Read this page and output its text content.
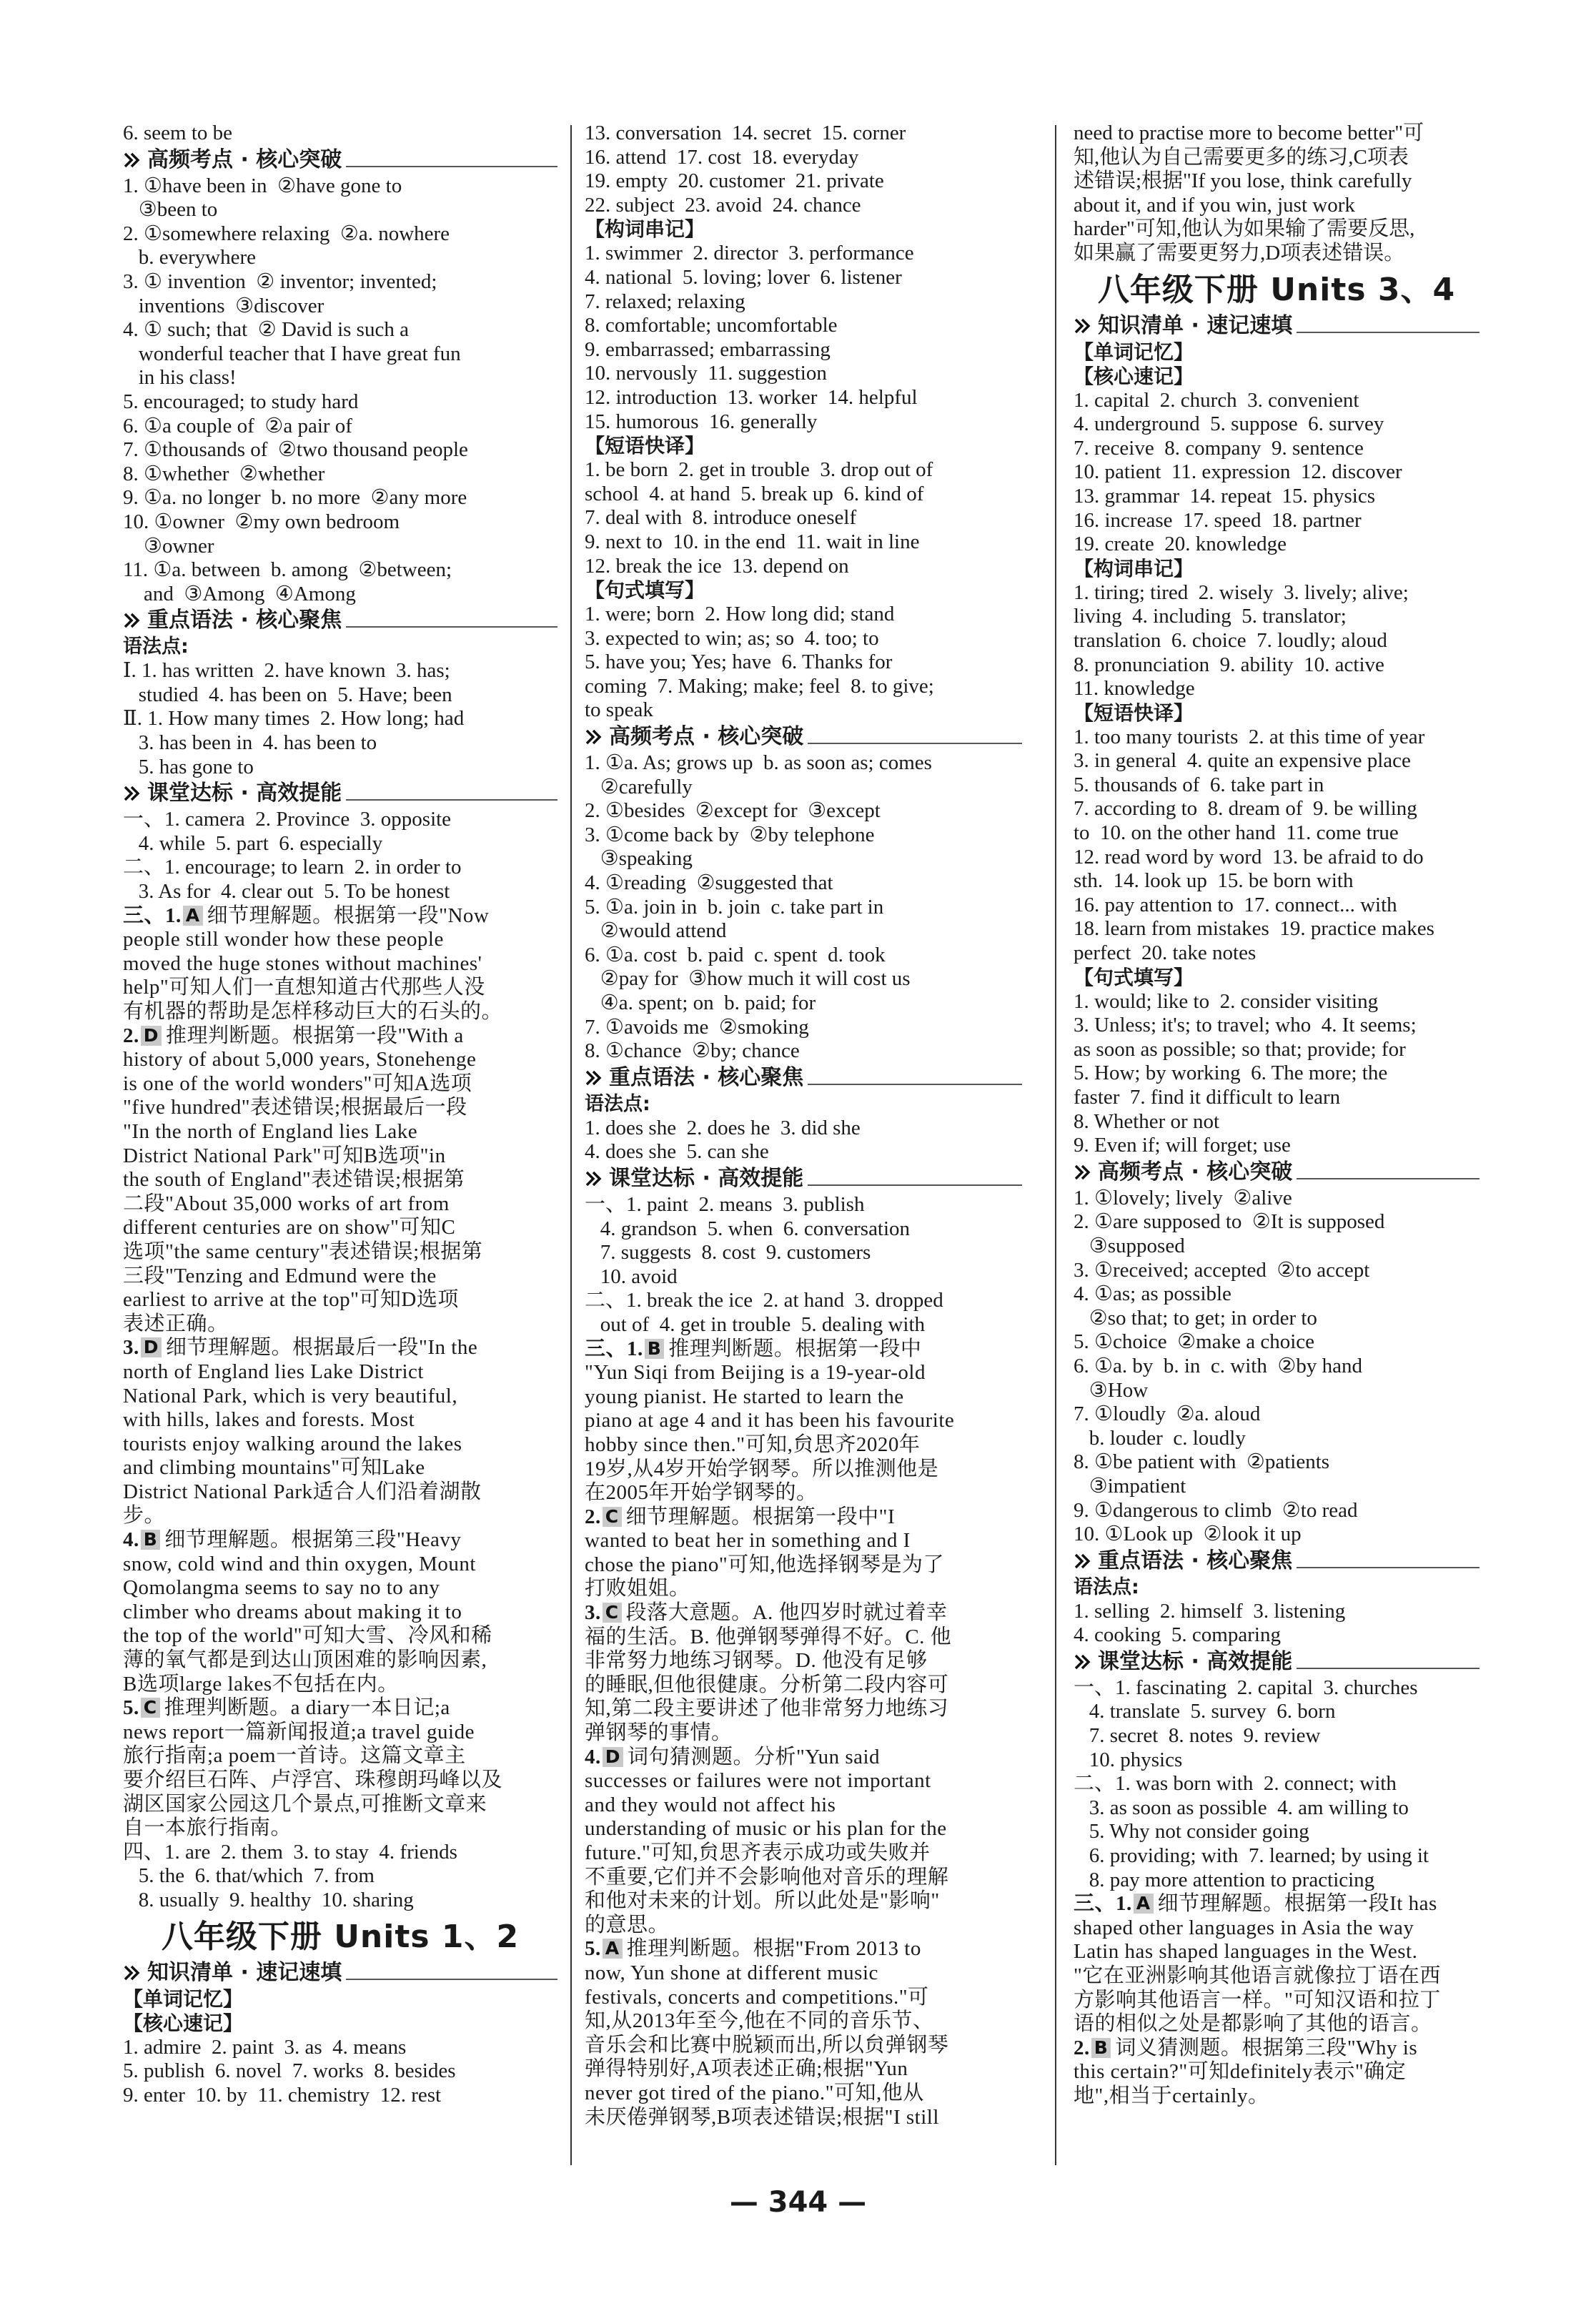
6. seem to be
高频考点 · 核心突破
1. ①have been in  ②have gone to
③been to
2. ①somewhere relaxing  ②a. nowhere
b. everywhere
3. ① invention  ② inventor; invented;
inventions  ③discover
4. ① such; that  ② David is such a
wonderful teacher that I have great fun
in his class!
5. encouraged; to study hard
6. ①a couple of  ②a pair of
7. ①thousands of  ②two thousand people
8. ①whether  ②whether
9. ①a. no longer  b. no more  ②any more
10. ①owner  ②my own bedroom
③owner
11. ①a. between  b. among  ②between;
and  ③Among  ④Among
重点语法 · 核心聚焦
语法点:
Ⅰ. 1. has written  2. have known  3. has;
studied  4. has been on  5. Have; been
Ⅱ. 1. How many times  2. How long; had
3. has been in  4. has been to
5. has gone to
课堂达标 · 高效提能
一、1. camera  2. Province  3. opposite
4. while  5. part  6. especially
二、1. encourage; to learn  2. in order to
3. As for  4. clear out  5. To be honest
三、1. A 细节理解题。根据第一段"Now
people still wonder how these people
moved the huge stones without machines'
help"可知人们一直想知道古代那些人没
有机器的帮助是怎样移动巨大的石头的。
2. D 推理判断题。根据第一段"With a
history of about 5,000 years, Stonehenge
is one of the world wonders"可知A选项
"five hundred"表述错误;根据最后一段
"In the north of England lies Lake
District National Park"可知B选项"in
the south of England"表述错误;根据第
二段"About 35,000 works of art from
different centuries are on show"可知C
选项"the same century"表述错误;根据第
三段"Tenzing and Edmund were the
earliest to arrive at the top"可知D选项
表述正确。
3. D 细节理解题。根据最后一段"In the
north of England lies Lake District
National Park, which is very beautiful,
with hills, lakes and forests. Most
tourists enjoy walking around the lakes
and climbing mountains"可知Lake
District National Park适合人们沿着湖散
步。
4. B 细节理解题。根据第三段"Heavy
snow, cold wind and thin oxygen, Mount
Qomolangma seems to say no to any
climber who dreams about making it to
the top of the world"可知大雪、冷风和稀
薄的氧气都是到达山顶困难的影响因素,
B选项large lakes不包括在内。
5. C 推理判断题。a diary一本日记;a
news report一篇新闻报道;a travel guide
旅行指南;a poem一首诗。这篇文章主
要介绍巨石阵、卢浮宫、珠穆朗玛峰以及
湖区国家公园这几个景点,可推断文章来
自一本旅行指南。
四、1. are  2. them  3. to stay  4. friends
5. the  6. that/which  7. from
8. usually  9. healthy  10. sharing
八年级下册 Units 1、2
知识清单 · 速记速填
【单词记忆】
【核心速记】
1. admire  2. paint  3. as  4. means
5. publish  6. novel  7. works  8. besides
9. enter  10. by  11. chemistry  12. rest
13. conversation  14. secret  15. corner
16. attend  17. cost  18. everyday
19. empty  20. customer  21. private
22. subject  23. avoid  24. chance
【构词串记】
1. swimmer  2. director  3. performance
4. national  5. loving; lover  6. listener
7. relaxed; relaxing
8. comfortable; uncomfortable
9. embarrassed; embarrassing
10. nervously  11. suggestion
12. introduction  13. worker  14. helpful
15. humorous  16. generally
【短语快译】
1. be born  2. get in trouble  3. drop out of
school  4. at hand  5. break up  6. kind of
7. deal with  8. introduce oneself
9. next to  10. in the end  11. wait in line
12. break the ice  13. depend on
【句式填写】
1. were; born  2. How long did; stand
3. expected to win; as; so  4. too; to
5. have you; Yes; have  6. Thanks for
coming  7. Making; make; feel  8. to give;
to speak
高频考点 · 核心突破
1. ①a. As; grows up  b. as soon as; comes
②carefully
2. ①besides  ②except for  ③except
3. ①come back by  ②by telephone
③speaking
4. ①reading  ②suggested that
5. ①a. join in  b. join  c. take part in
②would attend
6. ①a. cost  b. paid  c. spent  d. took
②pay for  ③how much it will cost us
④a. spent; on  b. paid; for
7. ①avoids me  ②smoking
8. ①chance  ②by; chance
重点语法 · 核心聚焦
语法点:
1. does she  2. does he  3. did she
4. does she  5. can she
课堂达标 · 高效提能
一、1. paint  2. means  3. publish
4. grandson  5. when  6. conversation
7. suggests  8. cost  9. customers
10. avoid
二、1. break the ice  2. at hand  3. dropped
out of  4. get in trouble  5. dealing with
三、1. B 推理判断题。根据第一段中
"Yun Siqi from Beijing is a 19-year-old
young pianist. He started to learn the
piano at age 4 and it has been his favourite
hobby since then."可知,贠思齐2020年
19岁,从4岁开始学钢琴。所以推测他是
在2005年开始学钢琴的。
2. C 细节理解题。根据第一段中"I
wanted to beat her in something and I
chose the piano"可知,他选择钢琴是为了
打败姐姐。
3. C 段落大意题。A. 他四岁时就过着幸
福的生活。B. 他弹钢琴弹得不好。C. 他
非常努力地练习钢琴。D. 他没有足够
的睡眠,但他很健康。分析第二段内容可
知,第二段主要讲述了他非常努力地练习
弹钢琴的事情。
4. D 词句猜测题。分析"Yun said
successes or failures were not important
and they would not affect his
understanding of music or his plan for the
future."可知,贠思齐表示成功或失败并
不重要,它们并不会影响他对音乐的理解
和他对未来的计划。所以此处是"影响"
的意思。
5. A 推理判断题。根据"From 2013 to
now, Yun shone at different music
festivals, concerts and competitions."可
知,从2013年至今,他在不同的音乐节、
音乐会和比赛中脱颖而出,所以贠弹钢琴
弹得特别好,A项表述正确;根据"Yun
never got tired of the piano."可知,他从
未厌倦弹钢琴,B项表述错误;根据"I still
need to practise more to become better"可
知,他认为自己需要更多的练习,C项表
述错误;根据"If you lose, think carefully
about it, and if you win, just work
harder"可知,他认为如果输了需要反思,
如果赢了需要更努力,D项表述错误。
八年级下册 Units 3、4
知识清单 · 速记速填
【单词记忆】
【核心速记】
1. capital  2. church  3. convenient
4. underground  5. suppose  6. survey
7. receive  8. company  9. sentence
10. patient  11. expression  12. discover
13. grammar  14. repeat  15. physics
16. increase  17. speed  18. partner
19. create  20. knowledge
【构词串记】
1. tiring; tired  2. wisely  3. lively; alive;
living  4. including  5. translator;
translation  6. choice  7. loudly; aloud
8. pronunciation  9. ability  10. active
11. knowledge
【短语快译】
1. too many tourists  2. at this time of year
3. in general  4. quite an expensive place
5. thousands of  6. take part in
7. according to  8. dream of  9. be willing
to  10. on the other hand  11. come true
12. read word by word  13. be afraid to do
sth.  14. look up  15. be born with
16. pay attention to  17. connect... with
18. learn from mistakes  19. practice makes
perfect  20. take notes
【句式填写】
1. would; like to  2. consider visiting
3. Unless; it's; to travel; who  4. It seems;
as soon as possible; so that; provide; for
5. How; by working  6. The more; the
faster  7. find it difficult to learn
8. Whether or not
9. Even if; will forget; use
高频考点 · 核心突破
1. ①lovely; lively  ②alive
2. ①are supposed to  ②It is supposed
③supposed
3. ①received; accepted  ②to accept
4. ①as; as possible
②so that; to get; in order to
5. ①choice  ②make a choice
6. ①a. by  b. in  c. with  ②by hand
③How
7. ①loudly  ②a. aloud
b. louder  c. loudly
8. ①be patient with  ②patients
③impatient
9. ①dangerous to climb  ②to read
10. ①Look up  ②look it up
重点语法 · 核心聚焦
语法点:
1. selling  2. himself  3. listening
4. cooking  5. comparing
课堂达标 · 高效提能
一、1. fascinating  2. capital  3. churches
4. translate  5. survey  6. born
7. secret  8. notes  9. review
10. physics
二、1. was born with  2. connect; with
3. as soon as possible  4. am willing to
5. Why not consider going
6. providing; with  7. learned; by using it
8. pay more attention to practicing
三、1. A 细节理解题。根据第一段It has
shaped other languages in Asia the way
Latin has shaped languages in the West.
"它在亚洲影响其他语言就像拉丁语在西
方影响其他语言一样。"可知汉语和拉丁
语的相似之处是都影响了其他的语言。
2. B 词义猜测题。根据第三段"Why is
this certain?"可知definitely表示"确定
地",相当于certainly。
— 344 —
